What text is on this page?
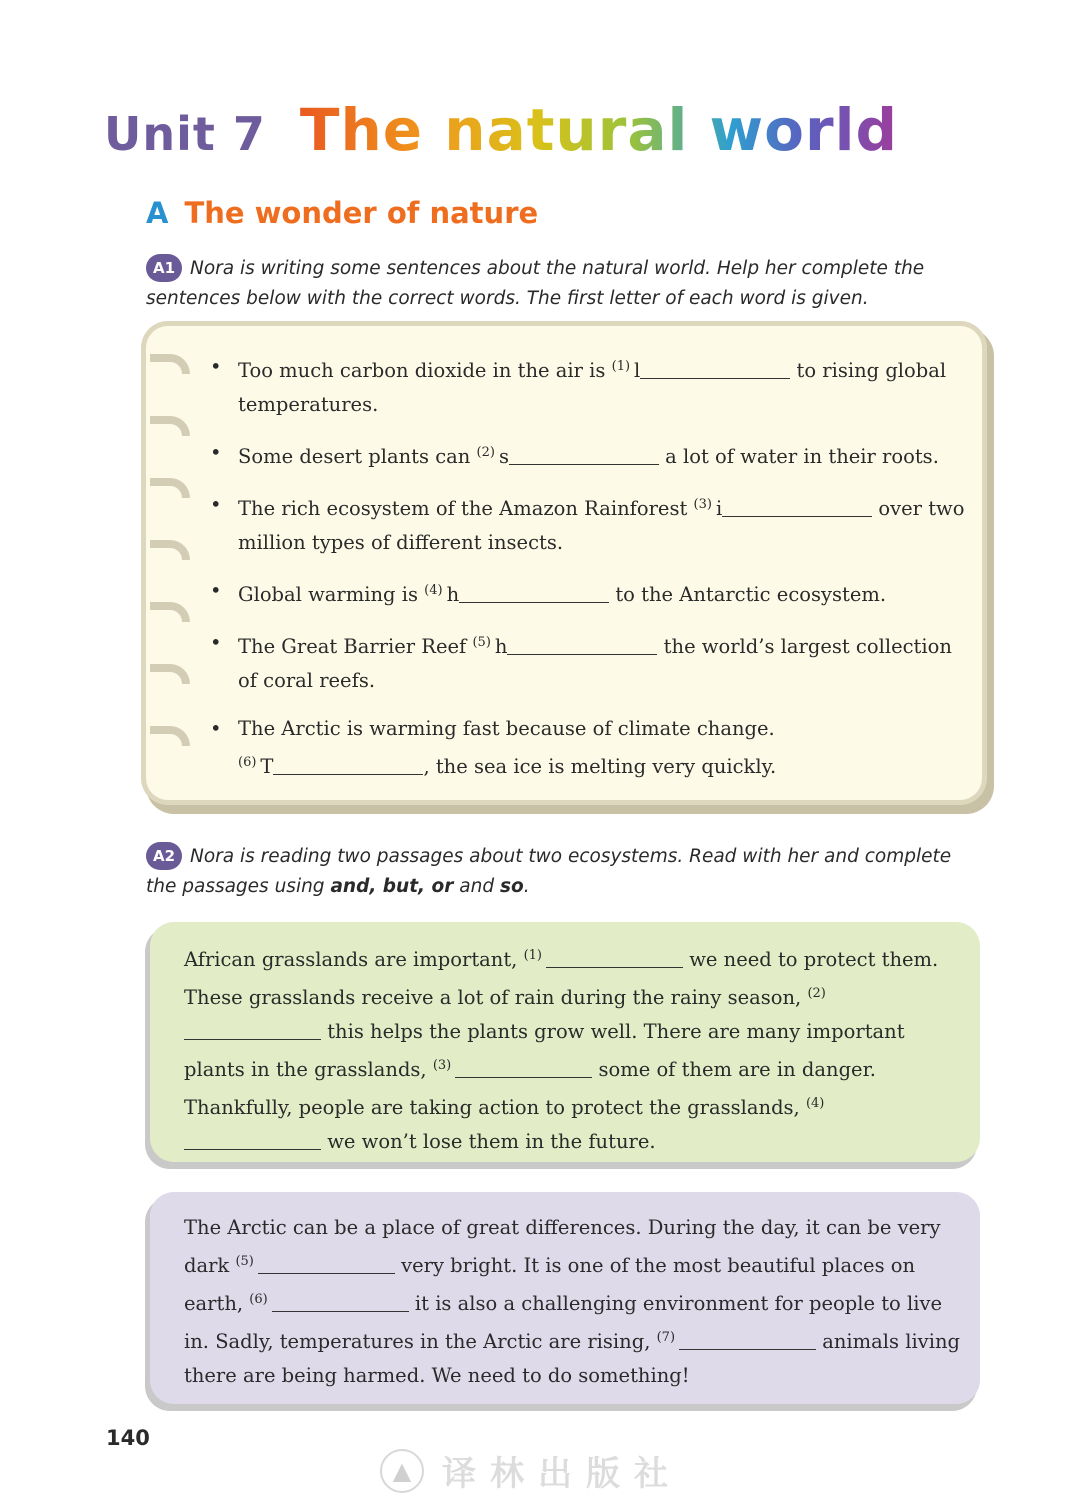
Unit 7 The natural world
A The wonder of nature

A1 Nora is writing some sentences about the natural world. Help her complete the sentences below with the correct words. The first letter of each word is given.

• Too much carbon dioxide in the air is $^{(1)}$ l	to rising global temperatures.
• Some desert plants can $^{(2)}$ s	a lot of water in their roots.
• The rich ecosystem of the Amazon Rainforest $^{(3)}$ i	over two million types of different insects.
• Global warming is $^{(4)}$ h	to the Antarctic ecosystem.
• The Great Barrier Reef $^{(5)}$ h	the world’s largest collection of coral reefs.
• The Arctic is warming fast because of climate change.
$^{(6)}$ T	, the sea ice is melting very quickly.

A2 Nora is reading two passages about two ecosystems. Read with her and complete the passages using and, but, or and so.

African grasslands are important, $^{(1)}$	we need to protect them. These grasslands receive a lot of rain during the rainy season, $^{(2)}$ this helps the plants grow well. There are many important plants in the grasslands, $^{(3)}$	some of them are in danger. Thankfully, people are taking action to protect the grasslands, $^{(4)}$ we won’t lose them in the future.

The Arctic can be a place of great differences. During the day, it can be very dark $^{(5)}$	very bright. It is one of the most beautiful places on earth, $^{(6)}$	it is also a challenging environment for people to live in. Sadly, temperatures in the Arctic are rising, $^{(7)}$	animals living there are being harmed. We need to do something!

140

▲ 译林出版社
